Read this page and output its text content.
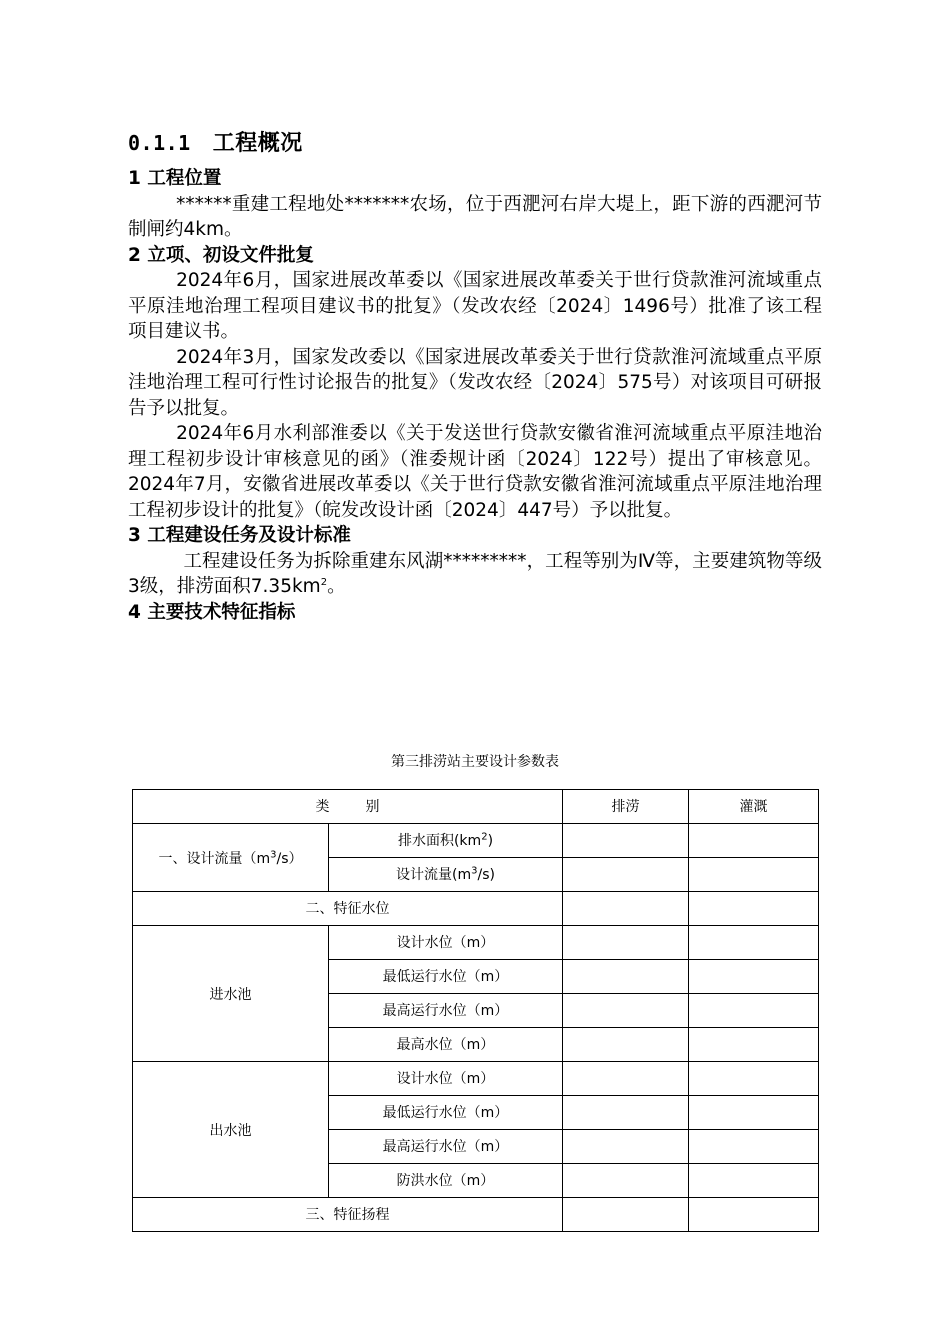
0.1.1 工程概况

1 工程位置

******重建工程地处*******农场，位于西淝河右岸大堤上，距下游的西淝河节制闸约4km。

2 立项、初设文件批复

2024年6月，国家进展改革委以《国家进展改革委关于世行贷款淮河流域重点平原洼地治理工程项目建议书的批复》（发改农经〔2024〕1496号）批准了该工程项目建议书。

2024年3月，国家发改委以《国家进展改革委关于世行贷款淮河流域重点平原洼地治理工程可行性讨论报告的批复》（发改农经〔2024〕575号）对该项目可研报告予以批复。

2024年6月水利部淮委以《关于发送世行贷款安徽省淮河流域重点平原洼地治理工程初步设计审核意见的函》（淮委规计函〔2024〕122号）提出了审核意见。2024年7月，安徽省进展改革委以《关于世行贷款安徽省淮河流域重点平原洼地治理工程初步设计的批复》（皖发改设计函〔2024〕447号）予以批复。

3 工程建设任务及设计标准

工程建设任务为拆除重建东风湖*********，工程等别为Ⅳ等，主要建筑物等级3级，排涝面积$7.35km^2$。

4 主要技术特征指标

第三排涝站主要设计参数表
类 别		排涝	灌溉
一、设计流量$(m^3/s)$	排水面积$(km^2)$		
	设计流量$(m^3/s)$		
二、特征水位			
进水池	设计水位（m）		
	最低运行水位（m）		
	最高运行水位（m）		
	最高水位（m）		
出水池	设计水位（m）		
	最低运行水位（m）		
	最高运行水位（m）		
	防洪水位（m）		
三、特征扬程			
